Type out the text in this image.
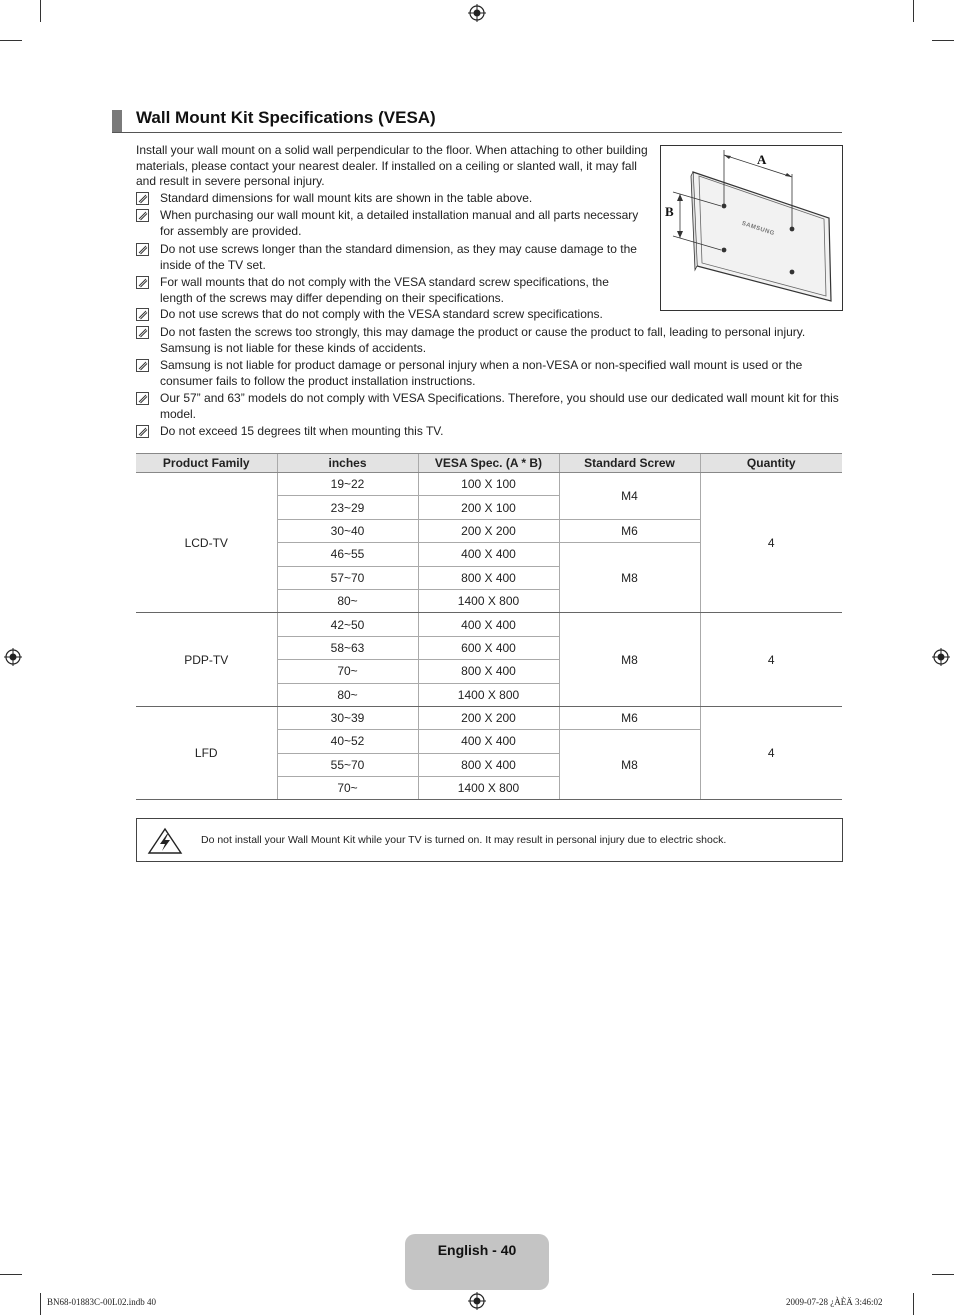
Wall Mount Kit Specifications (VESA)
Install your wall mount on a solid wall perpendicular to the floor. When attaching to other building materials, please contact your nearest dealer. If installed on a ceiling or slanted wall, it may fall and result in severe personal injury.
Standard dimensions for wall mount kits are shown in the table above.
When purchasing our wall mount kit, a detailed installation manual and all parts necessary for assembly are provided.
Do not use screws longer than the standard dimension, as they may cause damage to the inside of the TV set.
For wall mounts that do not comply with the VESA standard screw specifications, the length of the screws may differ depending on their specifications.
Do not use screws that do not comply with the VESA standard screw specifications.
Do not fasten the screws too strongly, this may damage the product or cause the product to fall, leading to personal injury. Samsung is not liable for these kinds of accidents.
Samsung is not liable for product damage or personal injury when a non-VESA or non-specified wall mount is used or the consumer fails to follow the product installation instructions.
Our 57” and 63” models do not comply with VESA Specifications. Therefore, you should use our dedicated wall mount kit for this model.
Do not exceed 15 degrees tilt when mounting this TV.
A
B
SAMSUNG
Product Family	inches	VESA Spec. (A * B)	Standard Screw	Quantity
LCD-TV	19~22	100 X 100	M4	4
	23~29	200 X 100		
	30~40	200 X 200	M6	
	46~55	400 X 400	M8	
	57~70	800 X 400		
	80~	1400 X 800		
PDP-TV	42~50	400 X 400	M8	4
	58~63	600 X 400		
	70~	800 X 400		
	80~	1400 X 800		
LFD	30~39	200 X 200	M6	4
	40~52	400 X 400	M8	
	55~70	800 X 400		
	70~	1400 X 800		
Do not install your Wall Mount Kit while your TV is turned on. It may result in personal injury due to electric shock.
English - 40
BN68-01883C-00L02.indb 40	2009-07-28 ¿ÀÈÄ 3:46:02
